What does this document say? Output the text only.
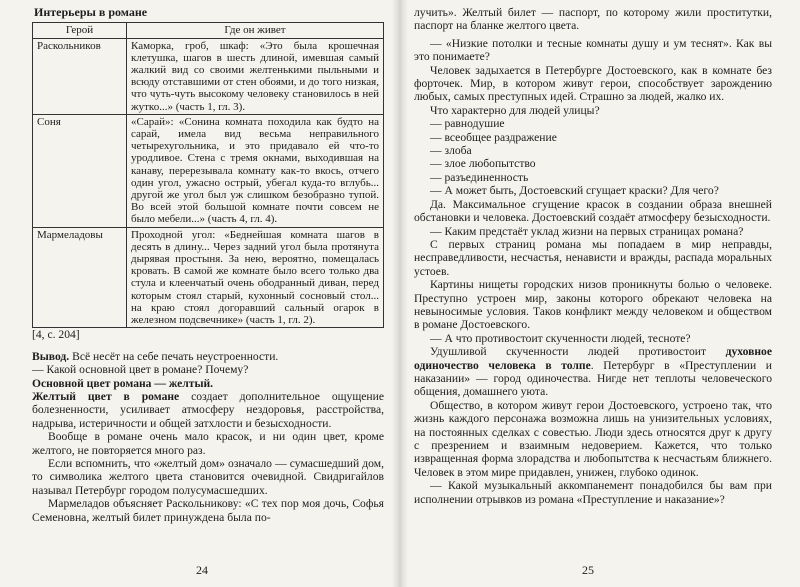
Интерьеры в романе
Герой	Где он живет
Раскольников	Каморка, гроб, шкаф: «Это была крошечная клетушка, шагов в шесть длиной, имевшая самый жалкий вид со своими желтенькими пыльными и всюду отставшими от стен обоями, и до того низкая, что чуть-чуть высокому человеку становилось в ней жутко...» (часть 1, гл. 3).
Соня	«Сарай»: «Сонина комната походила как будто на сарай, имела вид весьма неправильного четырехугольника, и это придавало ей что-то уродливое. Стена с тремя окнами, выходившая на канаву, перерезывала комнату как-то вкось, отчего один угол, ужасно острый, убегал куда-то вглубь... другой же угол был уж слишком безобразно тупой. Во всей этой большой комнате почти совсем не было мебели...» (часть 4, гл. 4).
Мармеладовы	Проходной угол: «Беднейшая комната шагов в десять в длину... Через задний угол была протянута дырявая простыня. За нею, вероятно, помещалась кровать. В самой же комнате было всего только два стула и клеенчатый очень ободранный диван, перед которым стоял старый, кухонный сосновый стол... на краю стоял догоравший сальный огарок в железном подсвечнике» (часть 1, гл. 2).

[4, с. 204]

Вывод. Всё несёт на себе печать неустроенности.

— Какой основной цвет в романе? Почему?

Основной цвет романа — желтый.

Желтый цвет в романе создает дополнительное ощущение болезненности, усиливает атмосферу нездоровья, расстройства, надрыва, истеричности и общей затхлости и безысходности.

Вообще в романе очень мало красок, и ни один цвет, кроме желтого, не повторяется много раз.

Если вспомнить, что «желтый дом» означало — сумасшедший дом, то символика желтого цвета становится очевидной. Свидригайлов называл Петербург городом полусумасшедших.

Мармеладов объясняет Раскольникову: «С тех пор моя дочь, Софья Семеновна, желтый билет принуждена была по-

24

лучить». Желтый билет — паспорт, по которому жили проститутки, паспорт на бланке желтого цвета.

— «Низкие потолки и тесные комнаты душу и ум теснят». Как вы это понимаете?

Человек задыхается в Петербурге Достоевского, как в комнате без форточек. Мир, в котором живут герои, способствует зарождению любых, самых преступных идей. Страшно за людей, жалко их.

Что характерно для людей улицы?

— равнодушие

— всеобщее раздражение

— злоба

— злое любопытство

— разъединенность

— А может быть, Достоевский сгущает краски? Для чего?

Да. Максимальное сгущение красок в создании образа внешней обстановки и человека. Достоевский создаёт атмосферу безысходности.

— Каким предстаёт уклад жизни на первых страницах романа?

С первых страниц романа мы попадаем в мир неправды, несправедливости, несчастья, ненависти и вражды, распада моральных устоев.

Картины нищеты городских низов проникнуты болью о человеке. Преступно устроен мир, законы которого обрекают человека на невыносимые условия. Таков конфликт между человеком и обществом в романе Достоевского.

— А что противостоит скученности людей, тесноте?

Удушливой скученности людей противостоит духовное одиночество человека в толпе. Петербург в «Преступлении и наказании» — город одиночества. Нигде нет теплоты человеческого общения, домашнего уюта.

Общество, в котором живут герои Достоевского, устроено так, что жизнь каждого персонажа возможна лишь на унизительных условиях, на постоянных сделках с совестью. Люди здесь относятся друг к другу с презрением и взаимным недоверием. Кажется, что только извращенная форма злорадства и любопытства к несчастьям ближнего. Человек в этом мире придавлен, унижен, глубоко одинок.

— Какой музыкальный аккомпанемент понадобился бы вам при исполнении отрывков из романа «Преступление и наказание»?

25
